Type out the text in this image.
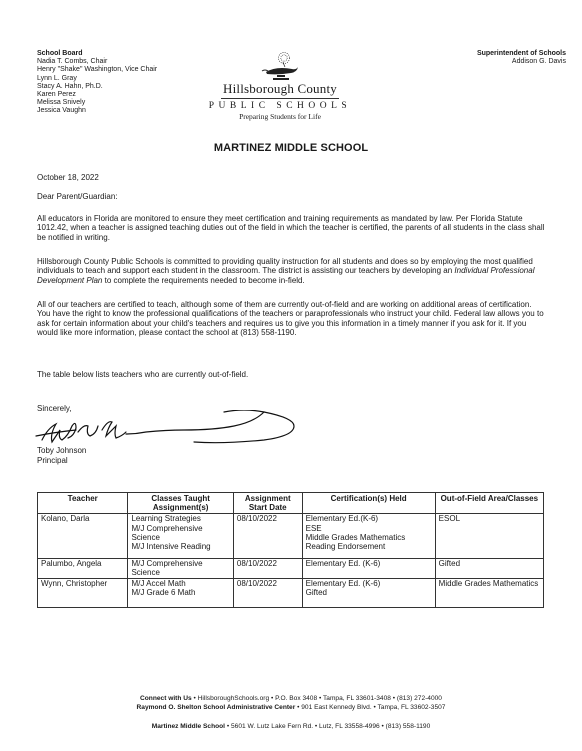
School Board
Nadia T. Combs, Chair
Henry "Shake" Washington, Vice Chair
Lynn L. Gray
Stacy A. Hahn, Ph.D.
Karen Perez
Melissa Snively
Jessica Vaughn
Hillsborough County
PUBLIC SCHOOLS
Preparing Students for Life
Superintendent of Schools
Addison G. Davis
MARTINEZ MIDDLE SCHOOL
October 18, 2022
Dear Parent/Guardian:
All educators in Florida are monitored to ensure they meet certification and training requirements as mandated by law. Per Florida Statute 1012.42, when a teacher is assigned teaching duties out of the field in which the teacher is certified, the parents of all students in the class shall be notified in writing.
Hillsborough County Public Schools is committed to providing quality instruction for all students and does so by employing the most qualified individuals to teach and support each student in the classroom. The district is assisting our teachers by developing an Individual Professional Development Plan to complete the requirements needed to become in-field.
All of our teachers are certified to teach, although some of them are currently out-of-field and are working on additional areas of certification. You have the right to know the professional qualifications of the teachers or paraprofessionals who instruct your child. Federal law allows you to ask for certain information about your child's teachers and requires us to give you this information in a timely manner if you ask for it. If you would like more information, please contact the school at (813) 558-1190.
The table below lists teachers who are currently out-of-field.
Sincerely,
Toby Johnson
Principal
Teacher	Classes Taught Assignment(s)	Assignment Start Date	Certification(s) Held	Out-of-Field Area/Classes
Kolano, Darla	Learning Strategies
M/J Comprehensive Science
M/J Intensive Reading	08/10/2022	Elementary Ed.(K-6)
ESE
Middle Grades Mathematics
Reading Endorsement	ESOL

Palumbo, Angela	M/J Comprehensive Science	08/10/2022	Elementary Ed. (K-6)	Gifted

Wynn, Christopher	M/J Accel Math
M/J Grade 6 Math	08/10/2022	Elementary Ed. (K-6)
Gifted	Middle Grades Mathematics
Connect with Us • HillsboroughSchools.org • P.O. Box 3408 • Tampa, FL 33601-3408 • (813) 272-4000
Raymond O. Shelton School Administrative Center • 901 East Kennedy Blvd. • Tampa, FL 33602-3507
Martinez Middle School • 5601 W. Lutz Lake Fern Rd. • Lutz, FL 33558-4996 • (813) 558-1190
